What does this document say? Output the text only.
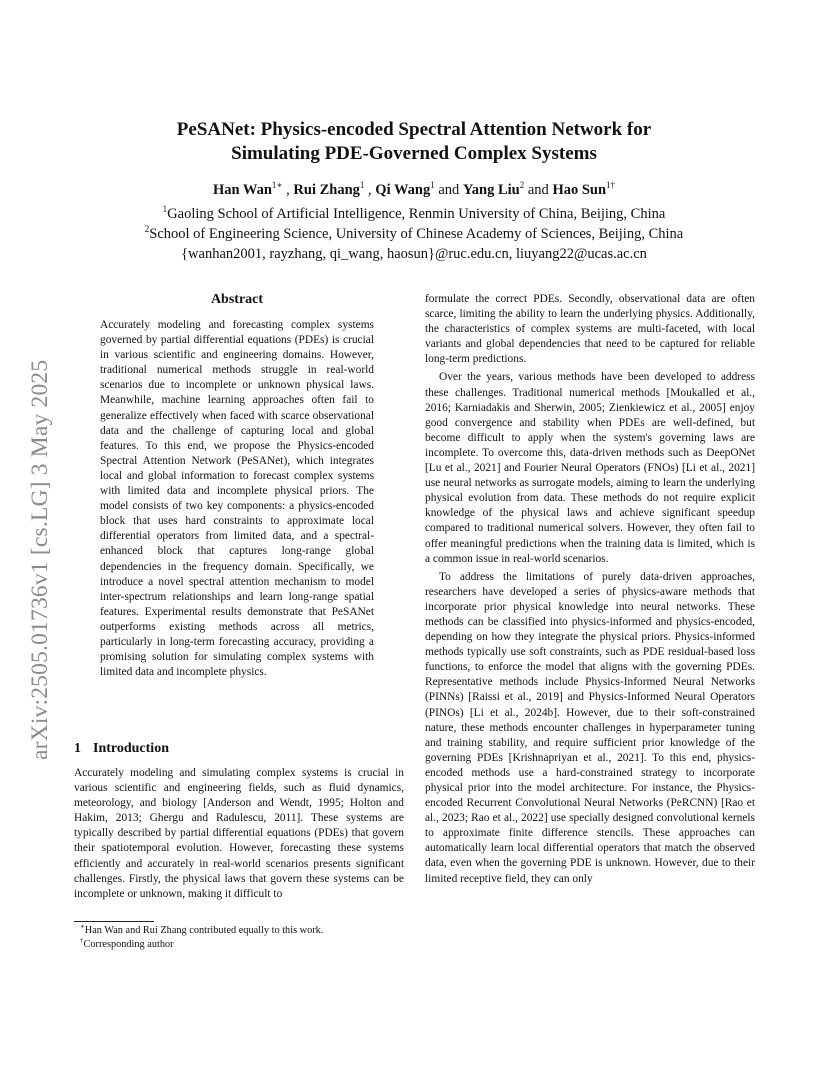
PeSANet: Physics-encoded Spectral Attention Network for
Simulating PDE-Governed Complex Systems
Han Wan$^{1∗}$ , Rui Zhang$^1$ , Qi Wang$^1$ and Yang Liu$^2$ and Hao Sun$^{1\dagger}$
$^1$Gaoling School of Artificial Intelligence, Renmin University of China, Beijing, China
$^2$School of Engineering Science, University of Chinese Academy of Sciences, Beijing, China
{wanhan2001, rayzhang, qi_wang, haosun}@ruc.edu.cn, liuyang22@ucas.ac.cn
arXiv:2505.01736v1 [cs.LG] 3 May 2025
Abstract

Accurately modeling and forecasting complex systems governed by partial differential equations (PDEs) is crucial in various scientific and engineering domains. However, traditional numerical methods struggle in real-world scenarios due to incomplete or unknown physical laws. Meanwhile, machine learning approaches often fail to generalize effectively when faced with scarce observational data and the challenge of capturing local and global features. To this end, we propose the Physics-encoded Spectral Attention Network (PeSANet), which integrates local and global information to forecast complex systems with limited data and incomplete physical priors. The model consists of two key components: a physics-encoded block that uses hard constraints to approximate local differential operators from limited data, and a spectral-enhanced block that captures long-range global dependencies in the frequency domain. Specifically, we introduce a novel spectral attention mechanism to model inter-spectrum relationships and learn long-range spatial features. Experimental results demonstrate that PeSANet outperforms existing methods across all metrics, particularly in long-term forecasting accuracy, providing a promising solution for simulating complex systems with limited data and incomplete physics.

1 Introduction

Accurately modeling and simulating complex systems is crucial in various scientific and engineering fields, such as fluid dynamics, meteorology, and biology [Anderson and Wendt, 1995; Holton and Hakim, 2013; Ghergu and Radulescu, 2011]. These systems are typically described by partial differential equations (PDEs) that govern their spatiotemporal evolution. However, forecasting these systems efficiently and accurately in real-world scenarios presents significant challenges. Firstly, the physical laws that govern these systems can be incomplete or unknown, making it difficult to

formulate the correct PDEs. Secondly, observational data are often scarce, limiting the ability to learn the underlying physics. Additionally, the characteristics of complex systems are multi-faceted, with local variants and global dependencies that need to be captured for reliable long-term predictions.

Over the years, various methods have been developed to address these challenges. Traditional numerical methods [Moukalled et al., 2016; Karniadakis and Sherwin, 2005; Zienkiewicz et al., 2005] enjoy good convergence and stability when PDEs are well-defined, but become difficult to apply when the system's governing laws are incomplete. To overcome this, data-driven methods such as DeepONet [Lu et al., 2021] and Fourier Neural Operators (FNOs) [Li et al., 2021] use neural networks as surrogate models, aiming to learn the underlying physical evolution from data. These methods do not require explicit knowledge of the physical laws and achieve significant speedup compared to traditional numerical solvers. However, they often fail to offer meaningful predictions when the training data is limited, which is a common issue in real-world scenarios.

To address the limitations of purely data-driven approaches, researchers have developed a series of physics-aware methods that incorporate prior physical knowledge into neural networks. These methods can be classified into physics-informed and physics-encoded, depending on how they integrate the physical priors. Physics-informed methods typically use soft constraints, such as PDE residual-based loss functions, to enforce the model that aligns with the governing PDEs. Representative methods include Physics-Informed Neural Networks (PINNs) [Raissi et al., 2019] and Physics-Informed Neural Operators (PINOs) [Li et al., 2024b]. However, due to their soft-constrained nature, these methods encounter challenges in hyperparameter tuning and training stability, and require sufficient prior knowledge of the governing PDEs [Krishnapriyan et al., 2021]. To this end, physics-encoded methods use a hard-constrained strategy to incorporate physical prior into the model architecture. For instance, the Physics-encoded Recurrent Convolutional Neural Networks (PeRCNN) [Rao et al., 2023; Rao et al., 2022] use specially designed convolutional kernels to approximate finite difference stencils. These approaches can automatically learn local differential operators that match the observed data, even when the governing PDE is unknown. However, due to their limited receptive field, they can only

∗Han Wan and Rui Zhang contributed equally to this work.
†Corresponding author
